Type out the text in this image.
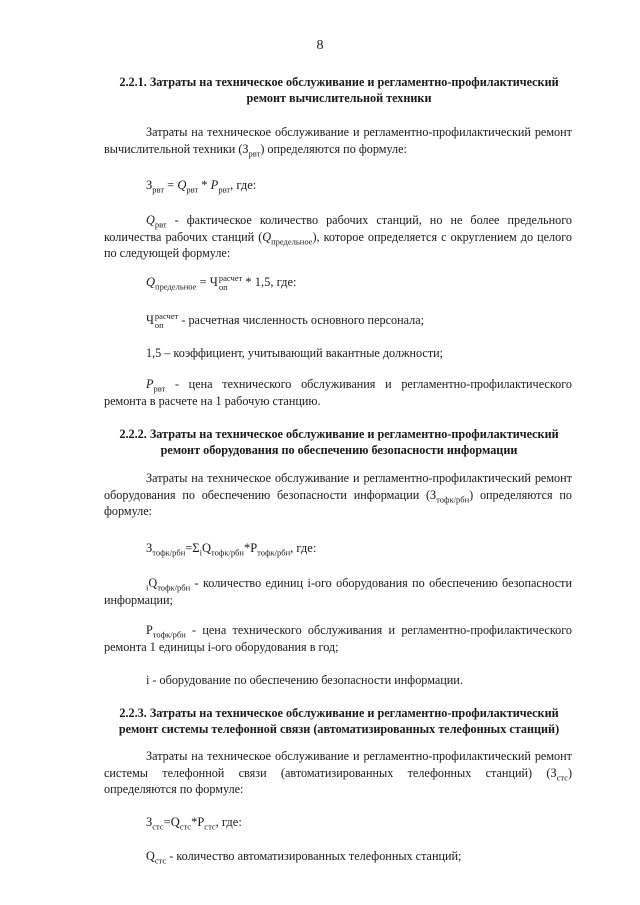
8
2.2.1. Затраты на техническое обслуживание и регламентно-профилактический
ремонт вычислительной техники
Затраты на техническое обслуживание и регламентно-профилактический ремонт вычислительной техники $(З_{рвт})$ определяются по формуле:
$З_{рвт} = Q_{рвт} * P_{рвт}$, где:
$Q_{рвт}$ - фактическое количество рабочих станций, но не более предельного количества рабочих станций $(Q_{предельное})$, которое определяется с округлением до целого по следующей формуле:
$Q_{предельное} = Ч$ расчет
оп	* 1,5, где:
Ч расчет
оп	- расчетная численность основного персонала;
1,5 – коэффициент, учитывающий вакантные должности;
$P_{рвт}$ - цена технического обслуживания и регламентно-профилактического ремонта в расчете на 1 рабочую станцию.
2.2.2. Затраты на техническое обслуживание и регламентно-профилактический
ремонт оборудования по обеспечению безопасности информации
Затраты на техническое обслуживание и регламентно-профилактический ремонт оборудования по обеспечению безопасности информации $(З_{тофк/рбн})$ определяются по формуле:
$З_{тофк/рбн}=\Sigma_iQ_{тофк/рбн}*Р_{тофк/рбн}$, где:
$_iQ_{тофк/рбн}$ - количество единиц i-ого оборудования по обеспечению безопасности информации;
$Р_{тофк/рбн}$ - цена технического обслуживания и регламентно-профилактического ремонта 1 единицы i-ого оборудования в год;
i - оборудование по обеспечению безопасности информации.
2.2.3. Затраты на техническое обслуживание и регламентно-профилактический
ремонт системы телефонной связи (автоматизированных телефонных станций)
Затраты на техническое обслуживание и регламентно-профилактический ремонт системы телефонной связи (автоматизированных телефонных станций) $(З_{стс})$ определяются по формуле:
$З_{стс}=Q_{стс}*Р_{стс}$, где:
$Q_{стс}$ - количество автоматизированных телефонных станций;
